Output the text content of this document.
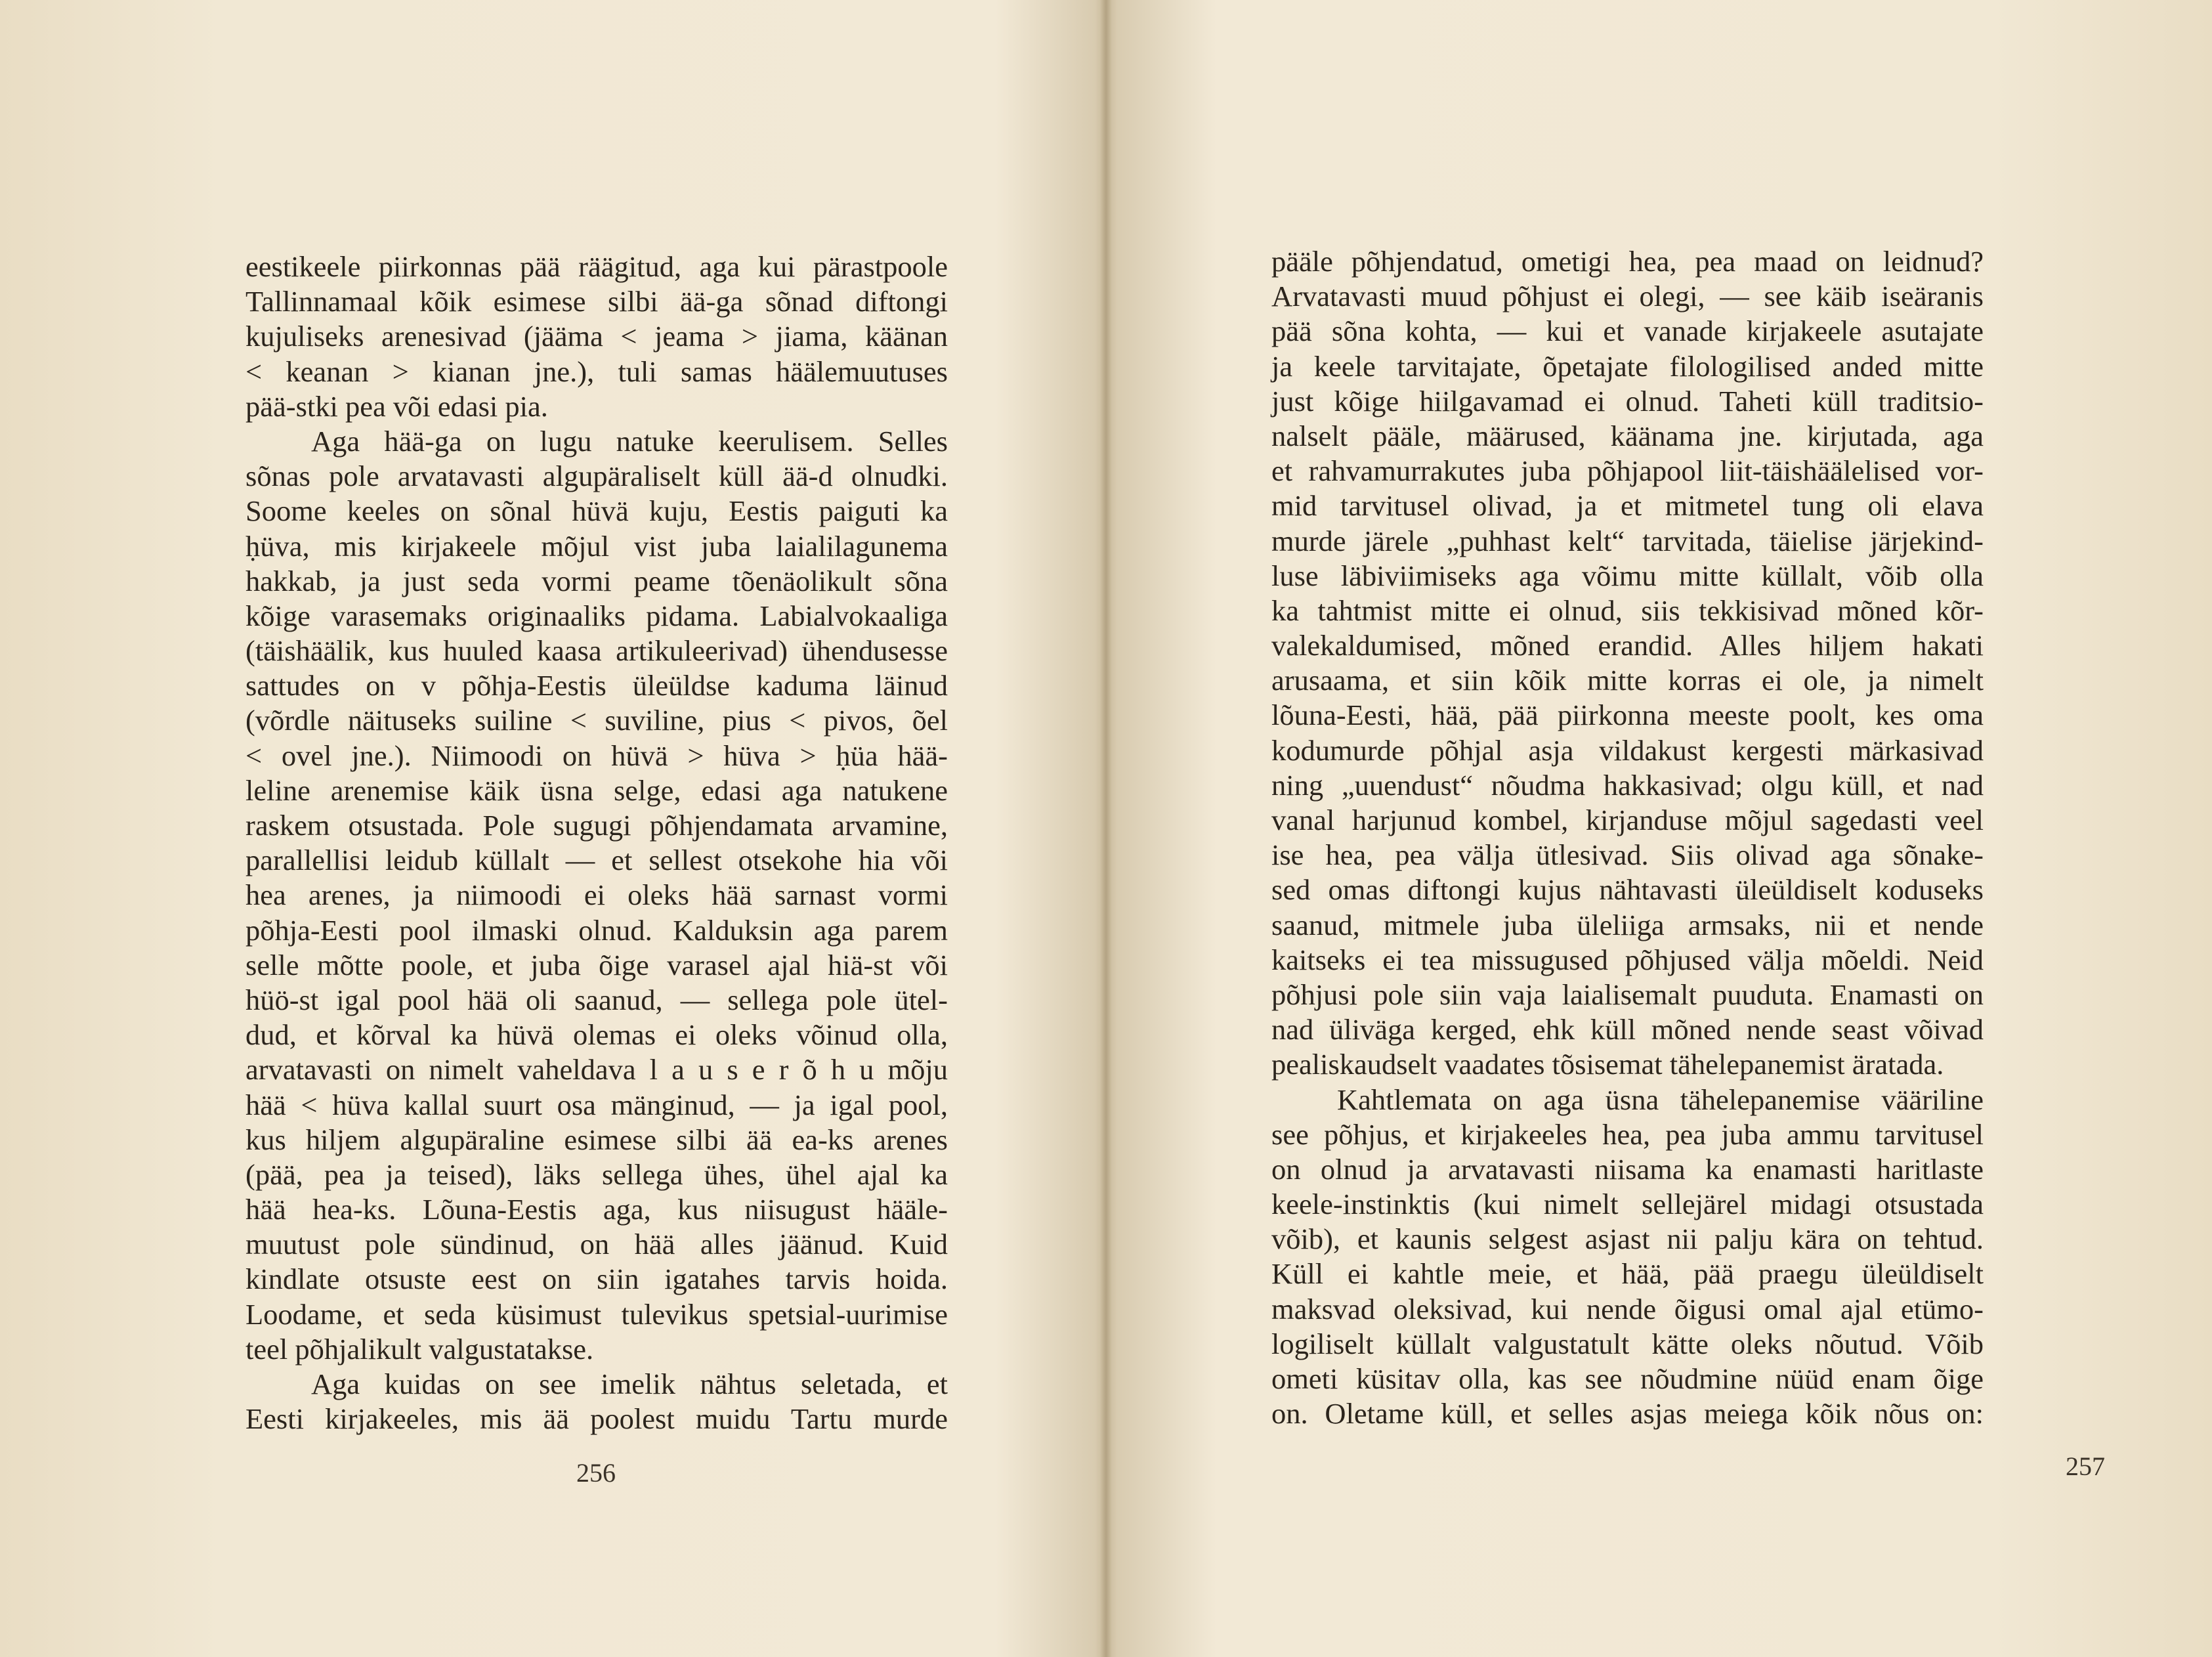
eestikeele piirkonnas pää räägitud, aga kui pärastpoole
Tallinnamaal kõik esimese silbi ää-ga sõnad diftongi
kujuliseks arenesivad (jääma < jeama > jiama, käänan
< keanan > kianan jne.), tuli samas häälemuutuses
pää-stki pea või edasi pia.
Aga hää-ga on lugu natuke keerulisem. Selles
sõnas pole arvatavasti algupäraliselt küll ää-d olnudki.
Soome keeles on sõnal hüvä kuju, Eestis paiguti ka
ḥüva, mis kirjakeele mõjul vist juba laialilagunema
hakkab, ja just seda vormi peame tõenäolikult sõna
kõige varasemaks originaaliks pidama. Labialvokaaliga
(täishäälik, kus huuled kaasa artikuleerivad) ühendusesse
sattudes on v põhja-Eestis üleüldse kaduma läinud
(võrdle näituseks suiline < suviline, pius < pivos, õel
< ovel jne.). Niimoodi on hüvä > hüva > ḥüa hää-
leline arenemise käik üsna selge, edasi aga natukene
raskem otsustada. Pole sugugi põhjendamata arvamine,
parallellisi leidub küllalt — et sellest otsekohe hia või
hea arenes, ja niimoodi ei oleks hää sarnast vormi
põhja-Eesti pool ilmaski olnud. Kalduksin aga parem
selle mõtte poole, et juba õige varasel ajal hiä-st või
hüö-st igal pool hää oli saanud, — sellega pole ütel-
dud, et kõrval ka hüvä olemas ei oleks võinud olla,
arvatavasti on nimelt vaheldava l a u s e r õ h u mõju
hää < hüva kallal suurt osa mänginud, — ja igal pool,
kus hiljem algupäraline esimese silbi ää ea-ks arenes
(pää, pea ja teised), läks sellega ühes, ühel ajal ka
hää hea-ks. Lõuna-Eestis aga, kus niisugust hääle-
muutust pole sündinud, on hää alles jäänud. Kuid
kindlate otsuste eest on siin igatahes tarvis hoida.
Loodame, et seda küsimust tulevikus spetsial-uurimise
teel põhjalikult valgustatakse.
Aga kuidas on see imelik nähtus seletada, et
Eesti kirjakeeles, mis ää poolest muidu Tartu murde
256
pääle põhjendatud, ometigi hea, pea maad on leidnud?
Arvatavasti muud põhjust ei olegi, — see käib iseäranis
pää sõna kohta, — kui et vanade kirjakeele asutajate
ja keele tarvitajate, õpetajate filologilised anded mitte
just kõige hiilgavamad ei olnud. Taheti küll traditsio-
nalselt pääle, määrused, käänama jne. kirjutada, aga
et rahvamurrakutes juba põhjapool liit-täishäälelised vor-
mid tarvitusel olivad, ja et mitmetel tung oli elava
murde järele „puhhast kelt“ tarvitada, täielise järjekind-
luse läbiviimiseks aga võimu mitte küllalt, võib olla
ka tahtmist mitte ei olnud, siis tekkisivad mõned kõr-
valekaldumised, mõned erandid. Alles hiljem hakati
arusaama, et siin kõik mitte korras ei ole, ja nimelt
lõuna-Eesti, hää, pää piirkonna meeste poolt, kes oma
kodumurde põhjal asja vildakust kergesti märkasivad
ning „uuendust“ nõudma hakkasivad; olgu küll, et nad
vanal harjunud kombel, kirjanduse mõjul sagedasti veel
ise hea, pea välja ütlesivad. Siis olivad aga sõnake-
sed omas diftongi kujus nähtavasti üleüldiselt koduseks
saanud, mitmele juba üleliiga armsaks, nii et nende
kaitseks ei tea missugused põhjused välja mõeldi. Neid
põhjusi pole siin vaja laialisemalt puuduta. Enamasti on
nad üliväga kerged, ehk küll mõned nende seast võivad
pealiskaudselt vaadates tõsisemat tähelepanemist äratada.
Kahtlemata on aga üsna tähelepanemise vääriline
see põhjus, et kirjakeeles hea, pea juba ammu tarvitusel
on olnud ja arvatavasti niisama ka enamasti haritlaste
keele-instinktis (kui nimelt sellejärel midagi otsustada
võib), et kaunis selgest asjast nii palju kära on tehtud.
Küll ei kahtle meie, et hää, pää praegu üleüldiselt
maksvad oleksivad, kui nende õigusi omal ajal etümo-
logiliselt küllalt valgustatult kätte oleks nõutud. Võib
ometi küsitav olla, kas see nõudmine nüüd enam õige
on. Oletame küll, et selles asjas meiega kõik nõus on:
257
